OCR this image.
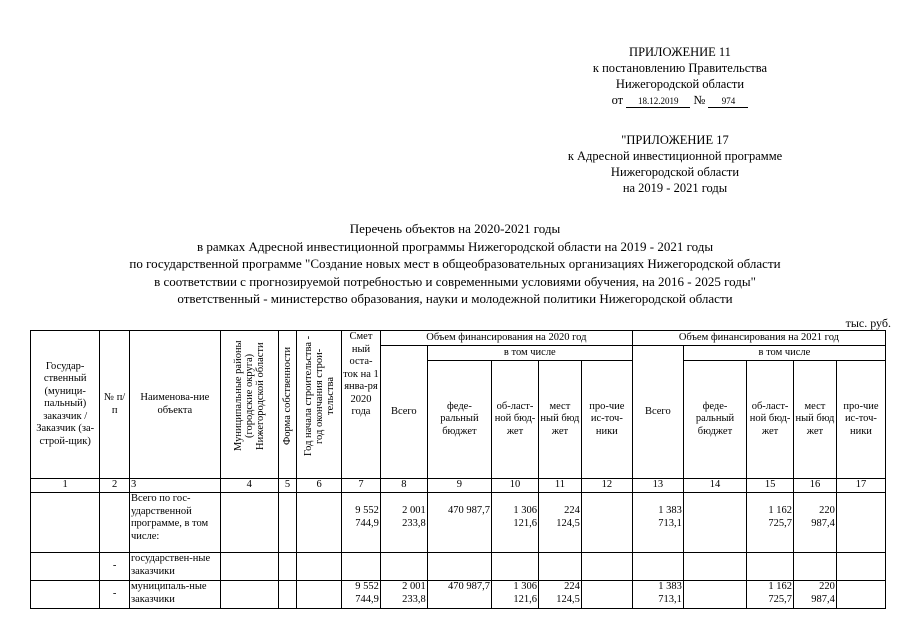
ПРИЛОЖЕНИЕ 11
к постановлению Правительства
Нижегородской области
от 18.12.2019 № 974
"ПРИЛОЖЕНИЕ 17
к Адресной инвестиционной программе
Нижегородской области
на 2019 - 2021 годы
Перечень объектов на 2020-2021 годы
в рамках Адресной инвестиционной программы Нижегородской области на 2019 - 2021 годы
по государственной программе "Создание новых мест в общеобразовательных организациях Нижегородской области
в соответствии с прогнозируемой потребностью и современными условиями обучения, на 2016 - 2025 годы"
ответственный - министерство образования, науки и молодежной политики Нижегородской области
тыс. руб.
Государ-ственный (муници-пальный) заказчик / Заказчик (за-строй-щик)	№ п/п	Наименова-ние объекта	Муниципальные районы (городские округа) Нижегородской области	Форма собственности	Год начала строительства - год окончания строи-тельства	Смет ный оста-ток на 1 янва-ря 2020 года	Объем финансирования на 2020 год					Объем финансирования на 2021 год				
							Всего	в том числе				Всего	в том числе			
								феде-ральный бюджет	об-ласт-ной бюд-жет	мест ный бюд жет	про-чие ис-точ-ники		феде-ральный бюджет	об-ласт-ной бюд-жет	мест ный бюд жет	про-чие ис-точ-ники
1	2	3	4	5	6	7	8	9	10	11	12	13	14	15	16	17
		Всего по гос-ударственной программе, в том числе:				9 552 744,9	2 001 233,8	470 987,7	1 306 121,6	224 124,5		1 383 713,1		1 162 725,7	220 987,4	
	-	государствен-ные заказчики														
	-	муниципаль-ные заказчики				9 552 744,9	2 001 233,8	470 987,7	1 306 121,6	224 124,5		1 383 713,1		1 162 725,7	220 987,4	
